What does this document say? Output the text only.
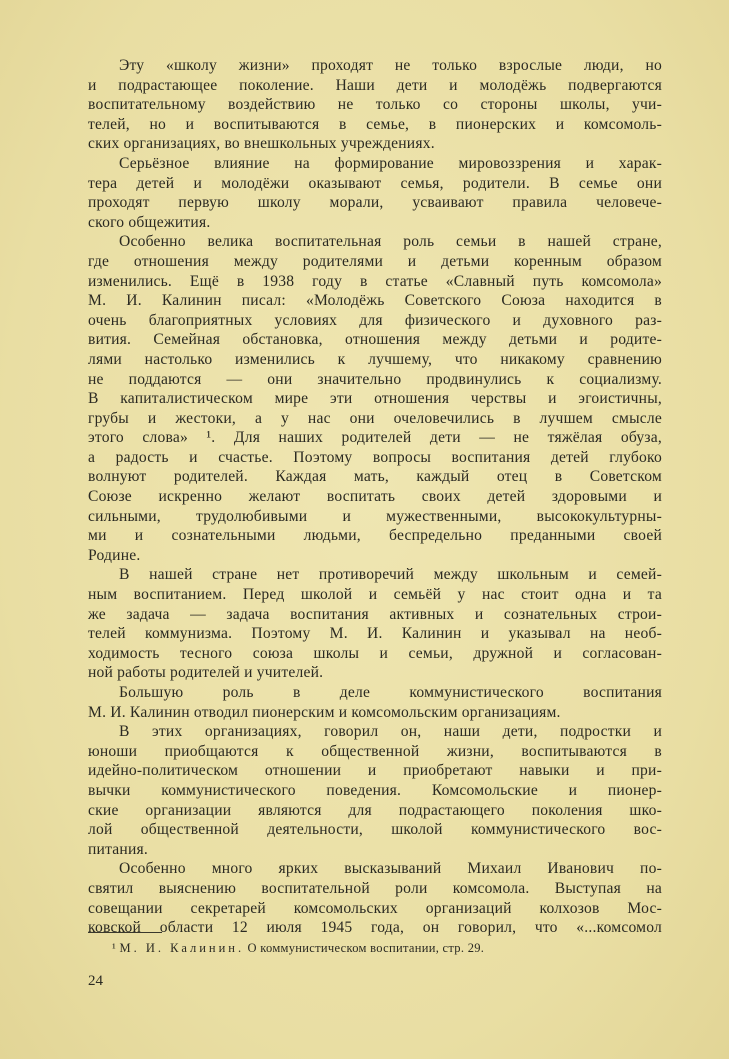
Эту «школу жизни» проходят не только взрослые люди, но
и подрастающее поколение. Наши дети и молодёжь подвергаются
воспитательному воздействию не только со стороны школы, учи-
телей, но и воспитываются в семье, в пионерских и комсомоль-
ских организациях, во внешкольных учреждениях.
Серьёзное влияние на формирование мировоззрения и харак-
тера детей и молодёжи оказывают семья, родители. В семье они
проходят первую школу морали, усваивают правила человече-
ского общежития.
Особенно велика воспитательная роль семьи в нашей стране,
где отношения между родителями и детьми коренным образом
изменились. Ещё в 1938 году в статье «Славный путь комсомола»
М. И. Калинин писал: «Молодёжь Советского Союза находится в
очень благоприятных условиях для физического и духовного раз-
вития. Семейная обстановка, отношения между детьми и родите-
лями настолько изменились к лучшему, что никакому сравнению
не поддаются — они значительно продвинулись к социализму.
В капиталистическом мире эти отношения черствы и эгоистичны,
грубы и жестоки, а у нас они очеловечились в лучшем смысле
этого слова» ¹. Для наших родителей дети — не тяжёлая обуза,
а радость и счастье. Поэтому вопросы воспитания детей глубоко
волнуют родителей. Каждая мать, каждый отец в Советском
Союзе искренно желают воспитать своих детей здоровыми и
сильными, трудолюбивыми и мужественными, высококультурны-
ми и сознательными людьми, беспредельно преданными своей
Родине.
В нашей стране нет противоречий между школьным и семей-
ным воспитанием. Перед школой и семьёй у нас стоит одна и та
же задача — задача воспитания активных и сознательных строи-
телей коммунизма. Поэтому М. И. Калинин и указывал на необ-
ходимость тесного союза школы и семьи, дружной и согласован-
ной работы родителей и учителей.
Большую роль в деле коммунистического воспитания
М. И. Калинин отводил пионерским и комсомольским организациям.
В этих организациях, говорил он, наши дети, подростки и
юноши приобщаются к общественной жизни, воспитываются в
идейно-политическом отношении и приобретают навыки и при-
вычки коммунистического поведения. Комсомольские и пионер-
ские организации являются для подрастающего поколения шко-
лой общественной деятельности, школой коммунистического вос-
питания.
Особенно много ярких высказываний Михаил Иванович по-
святил выяснению воспитательной роли комсомола. Выступая на
совещании секретарей комсомольских организаций колхозов Мос-
ковской области 12 июля 1945 года, он говорил, что «...комсомол
¹ М. И. Калинин. О коммунистическом воспитании, стр. 29.
24
